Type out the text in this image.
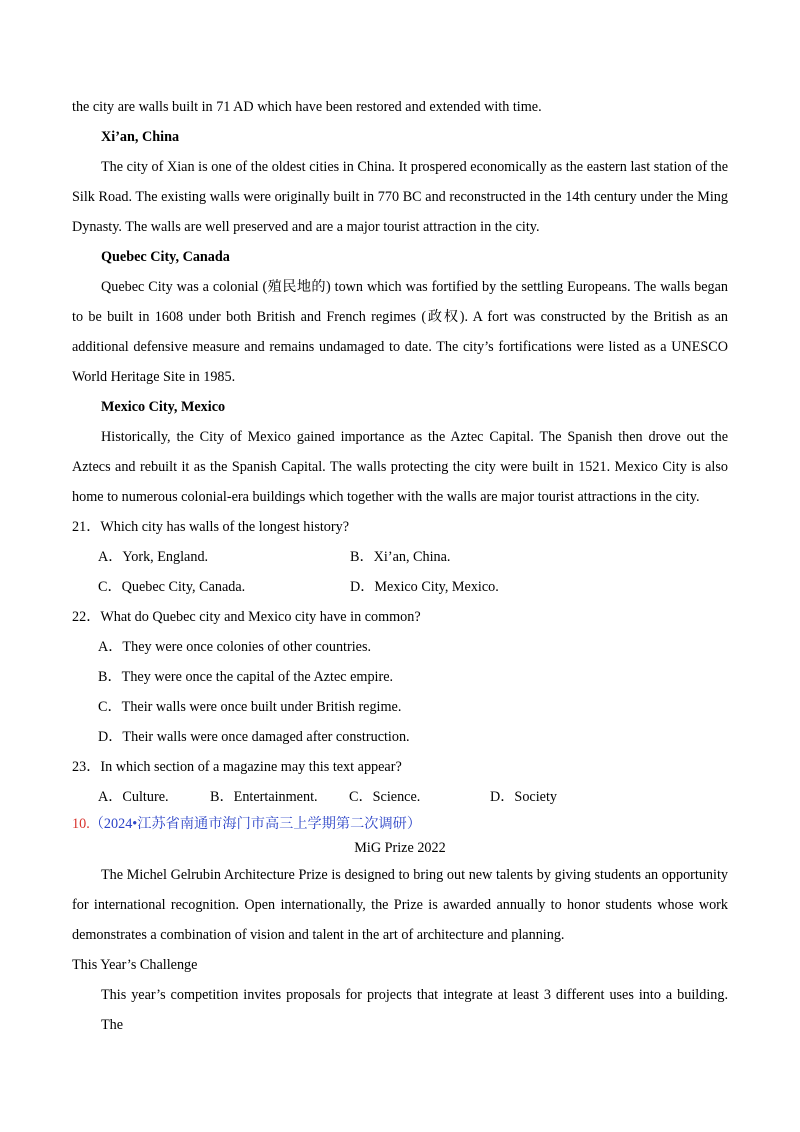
the city are walls built in 71 AD which have been restored and extended with time.
Xi’an, China
The city of Xian is one of the oldest cities in China. It prospered economically as the eastern last station of the
Silk Road. The existing walls were originally built in 770 BC and reconstructed in the 14th century under the Ming
Dynasty. The walls are well preserved and are a major tourist attraction in the city.
Quebec City, Canada
Quebec City was a colonial (殖民地的) town which was fortified by the settling Europeans. The walls began
to be built in 1608 under both British and French regimes (政权). A fort was constructed by the British as an
additional defensive measure and remains undamaged to date. The city’s fortifications were listed as a UNESCO
World Heritage Site in 1985.
Mexico City, Mexico
Historically, the City of Mexico gained importance as the Aztec Capital. The Spanish then drove out the
Aztecs and rebuilt it as the Spanish Capital. The walls protecting the city were built in 1521. Mexico City is also
home to numerous colonial-era buildings which together with the walls are major tourist attractions in the city.
21．Which city has walls of the longest history?
A．York, England.	B．Xi’an, China.
C．Quebec City, Canada.	D．Mexico City, Mexico.
22．What do Quebec city and Mexico city have in common?
A．They were once colonies of other countries.
B．They were once the capital of the Aztec empire.
C．Their walls were once built under British regime.
D．Their walls were once damaged after construction.
23．In which section of a magazine may this text appear?
A．Culture.	B．Entertainment.	C．Science.	D．Society
10.（2024•江苏省南通市海门市高三上学期第二次调研）
MiG Prize 2022
The Michel Gelrubin Architecture Prize is designed to bring out new talents by giving students an opportunity
for international recognition. Open internationally, the Prize is awarded annually to honor students whose work
demonstrates a combination of vision and talent in the art of architecture and planning.
This Year’s Challenge
This year’s competition invites proposals for projects that integrate at least 3 different uses into a building. The
